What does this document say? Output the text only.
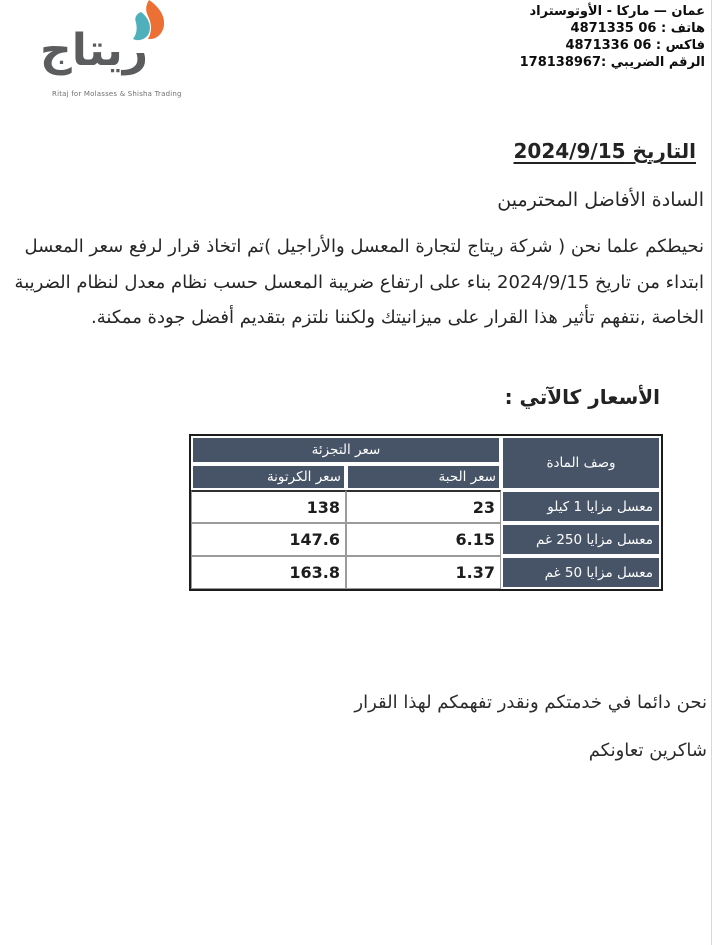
ريتاج
Ritaj for Molasses & Shisha Trading
عمان — ماركا - الأوتوستراد
هاتف : 06 4871335
فاكس : 06 4871336
الرقم الضريبي :178138967
التاريخ 2024/9/15
السادة الأفاضل المحترمين
نحيطكم علما نحن ( شركة ريتاج لتجارة المعسل والأراجيل )تم اتخاذ قرار لرفع سعر المعسل
ابتداء من تاريخ 2024/9/15 بناء على ارتفاع ضريبة المعسل حسب نظام معدل لنظام الضريبة
الخاصة ,نتفهم تأثير هذا القرار على ميزانيتك ولكننا نلتزم بتقديم أفضل جودة ممكنة.
الأسعار كالآتي :
سعر التجزئة
وصف المادة
سعر الكرتونة	سعر الحبة
138	23	معسل مزايا 1 كيلو
147.6	6.15	معسل مزايا 250 غم
163.8	1.37	معسل مزايا 50 غم
نحن دائما في خدمتكم ونقدر تفهمكم لهذا القرار
شاكرين تعاونكم
